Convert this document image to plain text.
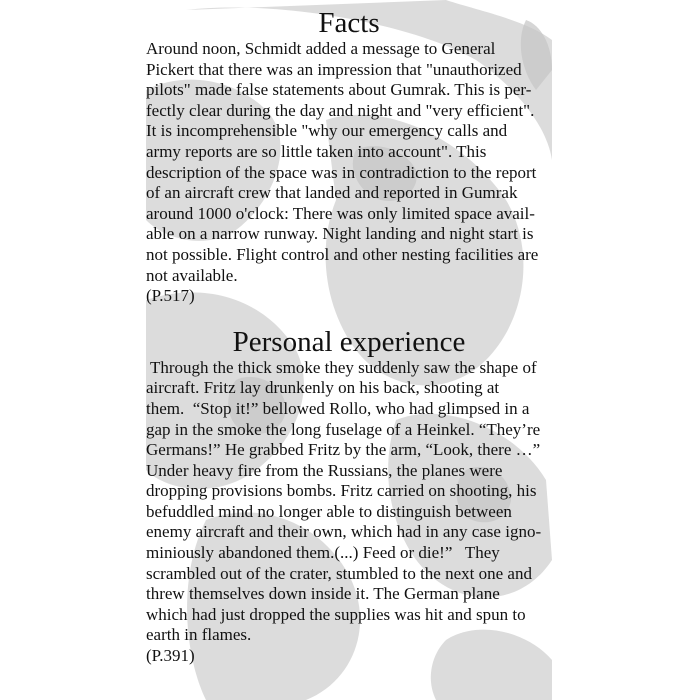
Facts
Around noon, Schmidt added a message to General
Pickert that there was an impression that "unauthorized
pilots" made false statements about Gumrak. This is per-
fectly clear during the day and night and "very efficient".
It is incomprehensible "why our emergency calls and
army reports are so little taken into account". This
description of the space was in contradiction to the report
of an aircraft crew that landed and reported in Gumrak
around 1000 o'clock: There was only limited space avail-
able on a narrow runway. Night landing and night start is
not possible. Flight control and other nesting facilities are
not available.
(P.517)
Personal experience
Through the thick smoke they suddenly saw the shape of
aircraft. Fritz lay drunkenly on his back, shooting at
them.  “Stop it!” bellowed Rollo, who had glimpsed in a
gap in the smoke the long fuselage of a Heinkel. “They’re
Germans!” He grabbed Fritz by the arm, “Look, there …”
Under heavy fire from the Russians, the planes were
dropping provisions bombs. Fritz carried on shooting, his
befuddled mind no longer able to distinguish between
enemy aircraft and their own, which had in any case igno-
miniously abandoned them.(...) Feed or die!”   They
scrambled out of the crater, stumbled to the next one and
threw themselves down inside it. The German plane
which had just dropped the supplies was hit and spun to
earth in flames.
(P.391)
